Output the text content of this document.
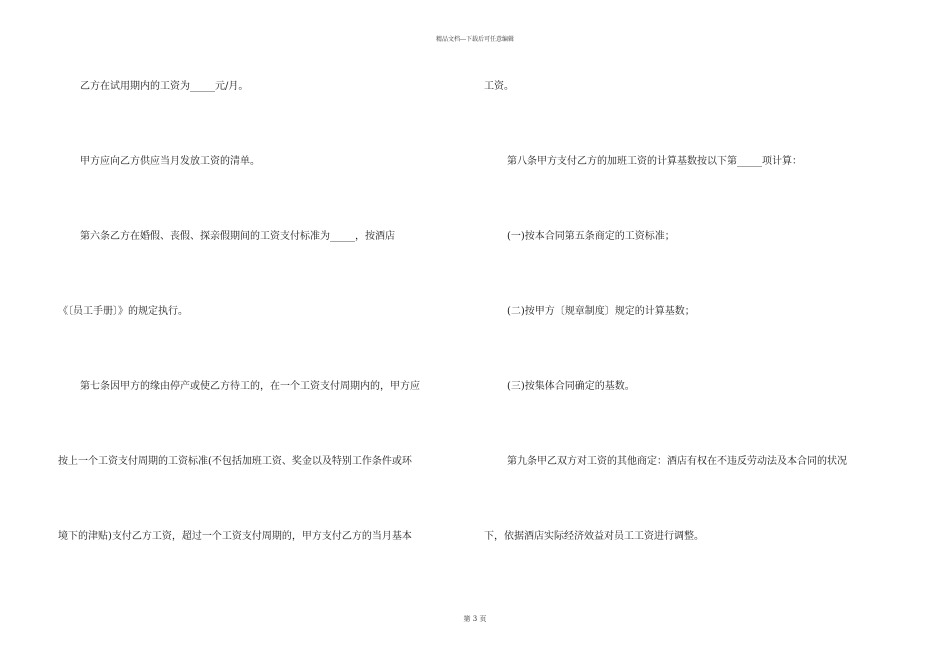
精品文档---下载后可任意编辑
乙方在试用期内的工资为_____元/月。
甲方应向乙方供应当月发放工资的清单。
第六条乙方在婚假、丧假、探亲假期间的工资支付标准为_____，按酒店
《〔员工手册〕》的规定执行。
第七条因甲方的缘由停产或使乙方待工的，在一个工资支付周期内的，甲方应
按上一个工资支付周期的工资标准(不包括加班工资、奖金以及特别工作条件或环
境下的津贴)支付乙方工资，超过一个工资支付周期的，甲方支付乙方的当月基本
工资。
第八条甲方支付乙方的加班工资的计算基数按以下第_____项计算：
(一)按本合同第五条商定的工资标准；
(二)按甲方〔规章制度〕规定的计算基数；
(三)按集体合同确定的基数。
第九条甲乙双方对工资的其他商定：酒店有权在不违反劳动法及本合同的状况
下，依据酒店实际经济效益对员工工资进行调整。
第 3 页
